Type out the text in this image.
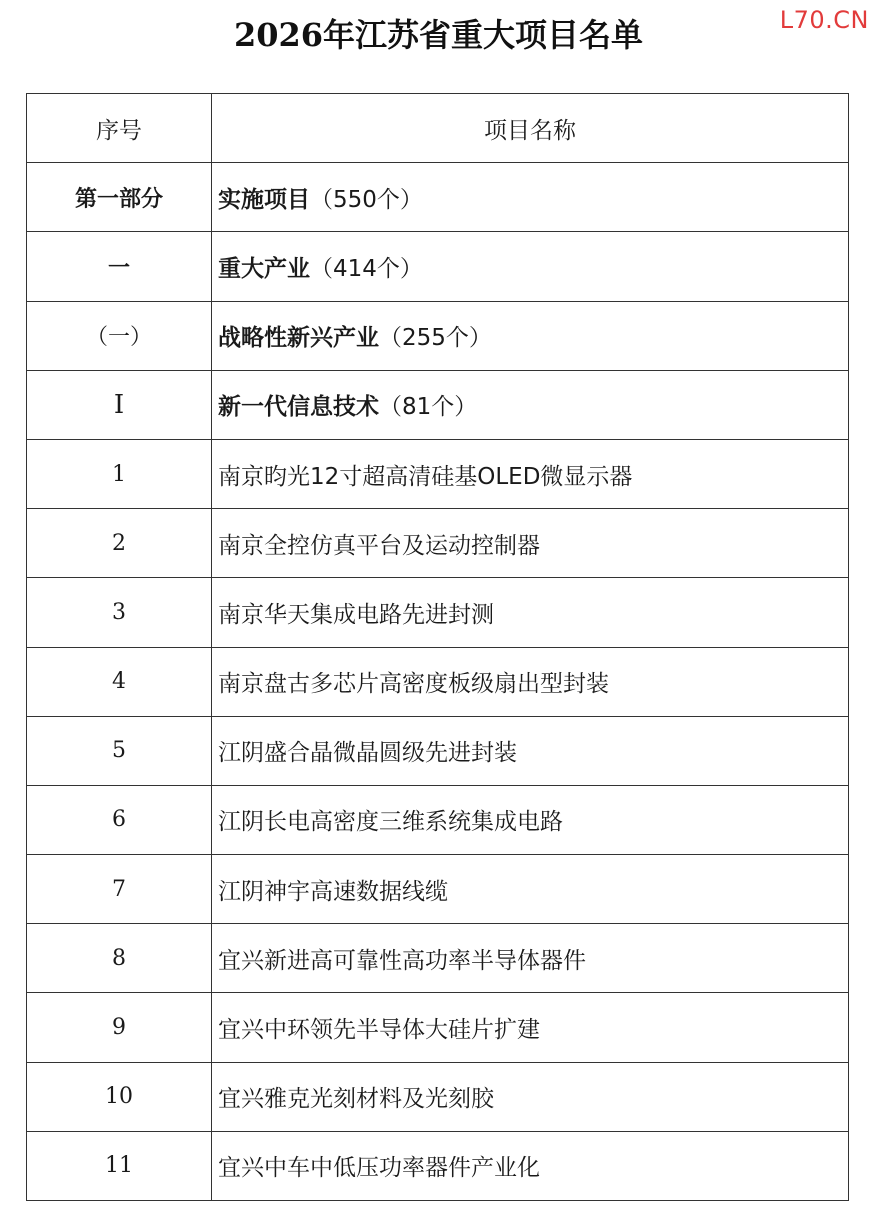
L70.CN
2026年江苏省重大项目名单
序号	项目名称
第一部分	实施项目（550个）
一	重大产业（414个）
（一）	战略性新兴产业（255个）
I	新一代信息技术（81个）
1	南京昀光12寸超高清硅基OLED微显示器
2	南京全控仿真平台及运动控制器
3	南京华天集成电路先进封测
4	南京盘古多芯片高密度板级扇出型封装
5	江阴盛合晶微晶圆级先进封装
6	江阴长电高密度三维系统集成电路
7	江阴神宇高速数据线缆
8	宜兴新进高可靠性高功率半导体器件
9	宜兴中环领先半导体大硅片扩建
10	宜兴雅克光刻材料及光刻胶
11	宜兴中车中低压功率器件产业化
